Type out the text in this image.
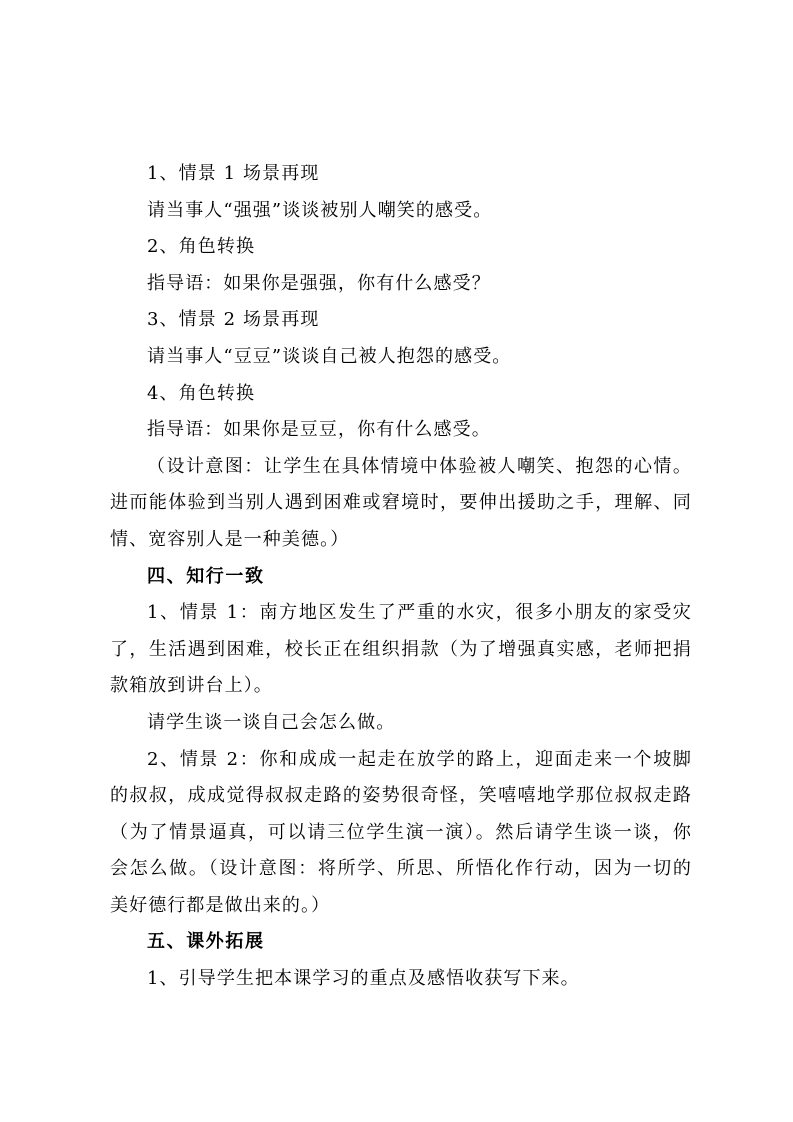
1、情景 1 场景再现

请当事人“强强”谈谈被别人嘲笑的感受。

2、角色转换

指导语：如果你是强强，你有什么感受？

3、情景 2 场景再现

请当事人“豆豆”谈谈自己被人抱怨的感受。

4、角色转换

指导语：如果你是豆豆，你有什么感受。

（设计意图：让学生在具体情境中体验被人嘲笑、抱怨的心情。进而能体验到当别人遇到困难或窘境时，要伸出援助之手，理解、同情、宽容别人是一种美德。）

四、知行一致

1、情景 1：南方地区发生了严重的水灾，很多小朋友的家受灾了，生活遇到困难，校长正在组织捐款（为了增强真实感，老师把捐款箱放到讲台上）。

请学生谈一谈自己会怎么做。

2、情景 2：你和成成一起走在放学的路上，迎面走来一个坡脚的叔叔，成成觉得叔叔走路的姿势很奇怪，笑嘻嘻地学那位叔叔走路（为了情景逼真，可以请三位学生演一演）。然后请学生谈一谈，你会怎么做。（设计意图：将所学、所思、所悟化作行动，因为一切的美好德行都是做出来的。）

五、课外拓展

1、引导学生把本课学习的重点及感悟收获写下来。
